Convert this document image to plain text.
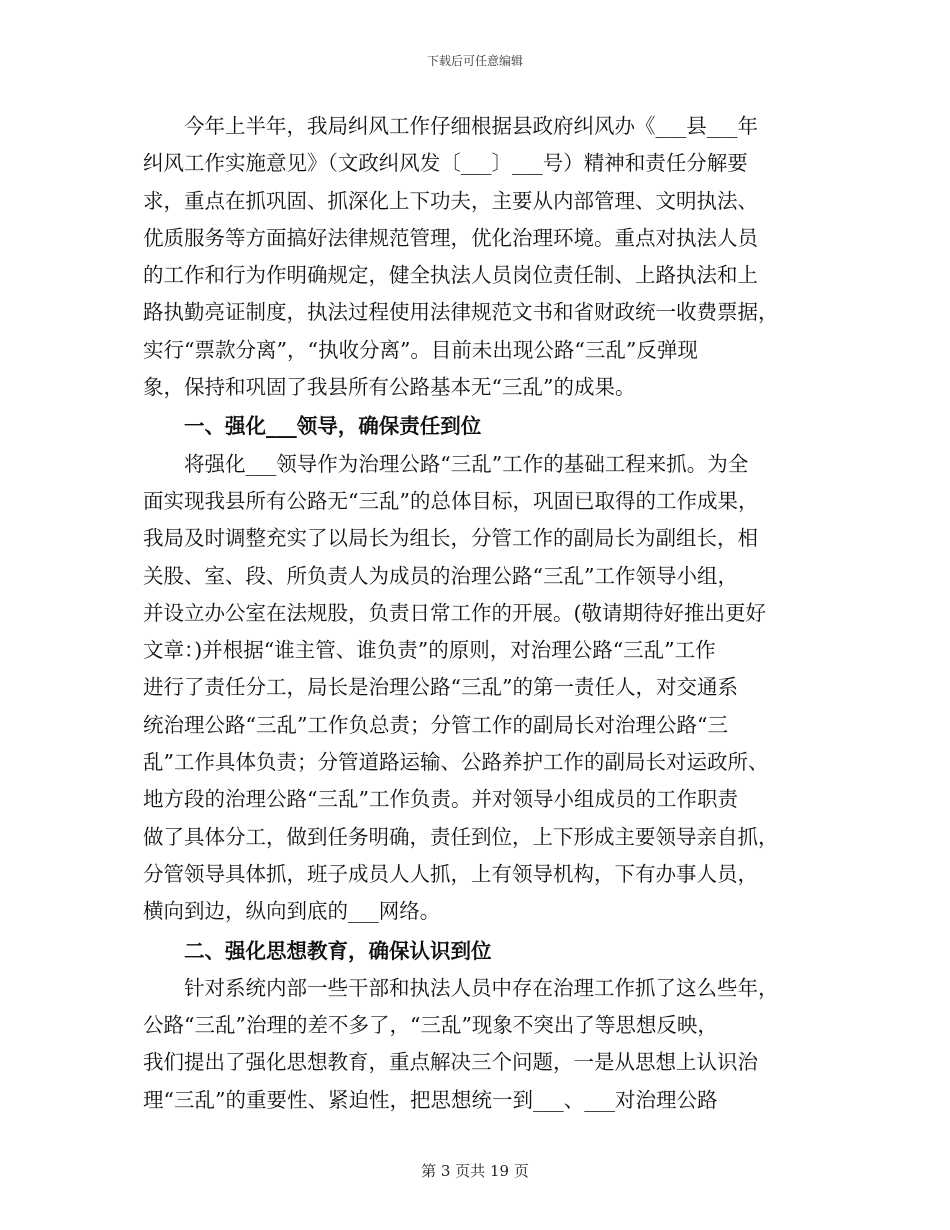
下载后可任意编辑
今年上半年，我局纠风工作仔细根据县政府纠风办《___县___年
纠风工作实施意见》（文政纠风发〔___〕___号）精神和责任分解要
求，重点在抓巩固、抓深化上下功夫，主要从内部管理、文明执法、
优质服务等方面搞好法律规范管理，优化治理环境。重点对执法人员
的工作和行为作明确规定，健全执法人员岗位责任制、上路执法和上
路执勤亮证制度，执法过程使用法律规范文书和省财政统一收费票据，
实行“票款分离”，“执收分离”。目前未出现公路“三乱”反弹现
象，保持和巩固了我县所有公路基本无“三乱”的成果。
一、强化___领导，确保责任到位
将强化___领导作为治理公路“三乱”工作的基础工程来抓。为全
面实现我县所有公路无“三乱”的总体目标，巩固已取得的工作成果，
我局及时调整充实了以局长为组长，分管工作的副局长为副组长，相
关股、室、段、所负责人为成员的治理公路“三乱”工作领导小组，
并设立办公室在法规股，负责日常工作的开展。(敬请期待好推出更好
文章：)并根据“谁主管、谁负责”的原则，对治理公路“三乱”工作
进行了责任分工，局长是治理公路“三乱”的第一责任人，对交通系
统治理公路“三乱”工作负总责；分管工作的副局长对治理公路“三
乱”工作具体负责；分管道路运输、公路养护工作的副局长对运政所、
地方段的治理公路“三乱”工作负责。并对领导小组成员的工作职责
做了具体分工，做到任务明确，责任到位，上下形成主要领导亲自抓，
分管领导具体抓，班子成员人人抓，上有领导机构，下有办事人员，
横向到边，纵向到底的___网络。
二、强化思想教育，确保认识到位
针对系统内部一些干部和执法人员中存在治理工作抓了这么些年，
公路“三乱”治理的差不多了，“三乱”现象不突出了等思想反映，
我们提出了强化思想教育，重点解决三个问题，一是从思想上认识治
理“三乱”的重要性、紧迫性，把思想统一到___、___对治理公路
第 3 页共 19 页
